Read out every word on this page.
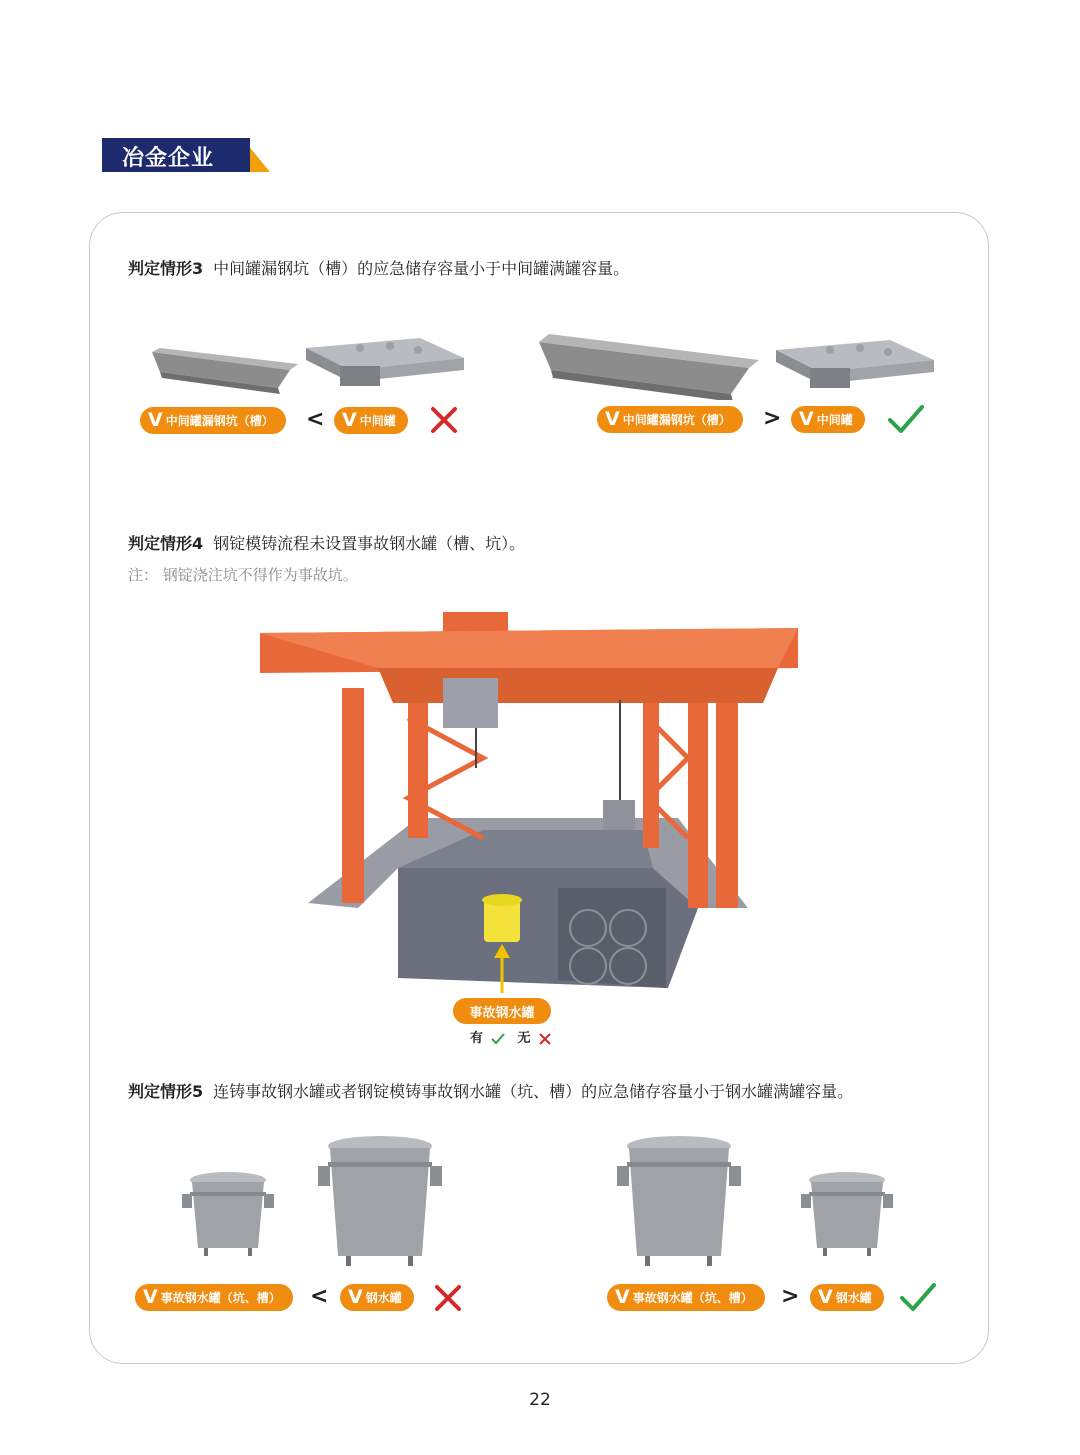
冶金企业
判定情形3 中间罐漏钢坑（槽）的应急储存容量小于中间罐满罐容量。
V 中间罐漏钢坑（槽） < V 中间罐	V 中间罐漏钢坑（槽） > V 中间罐
判定情形4 钢锭模铸流程未设置事故钢水罐（槽、坑）。
注： 钢锭浇注坑不得作为事故坑。
事故钢水罐
有	无
判定情形5 连铸事故钢水罐或者钢锭模铸事故钢水罐（坑、槽）的应急储存容量小于钢水罐满罐容量。
V 事故钢水罐（坑、槽） < V 钢水罐	V 事故钢水罐（坑、槽） > V 钢水罐
22
